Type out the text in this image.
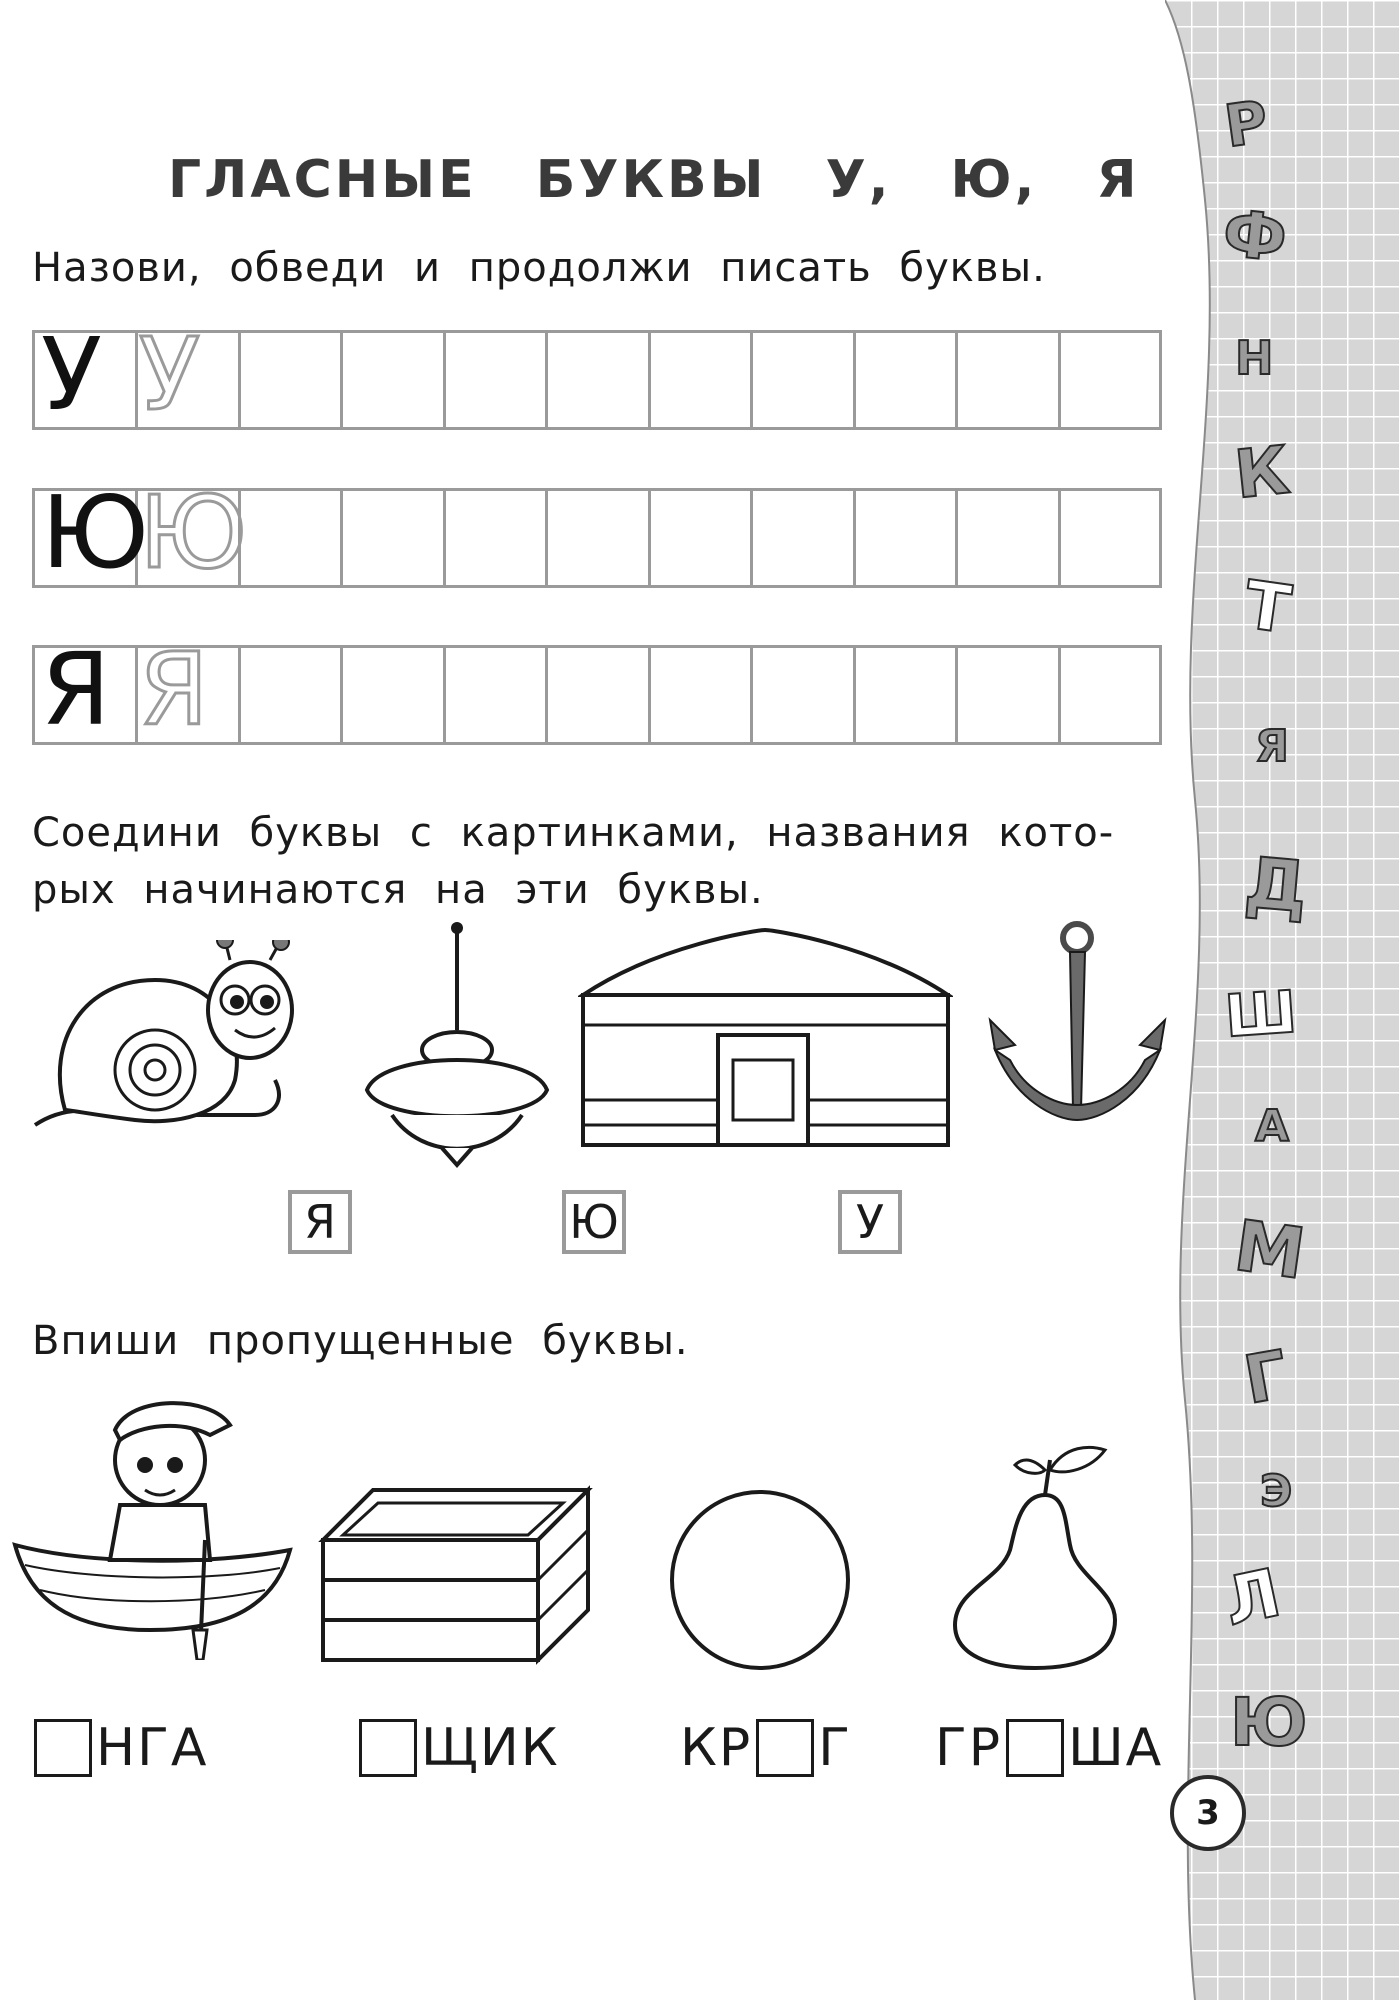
Р
Ф
Н
К
Т
Я
Д
Ш
А
М
Г
Э
Л
Ю
ГЛАСНЫЕ БУКВЫ У, Ю, Я
Назови, обведи и продолжи писать буквы.
У У
Ю
Ю
Я Я
Соедини буквы с картинками, названия кото-
рых начинаются на эти буквы.
Я	Ю	У
Впиши пропущенные буквы.
НГА	ЩИК КР Г ГР ША
3
